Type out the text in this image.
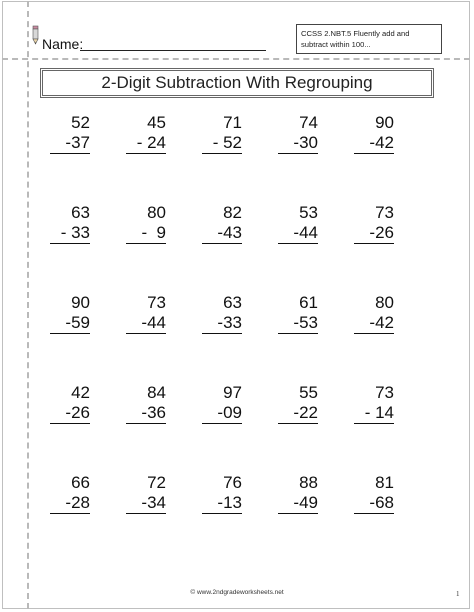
Name:
CCSS 2.NBT.5 Fluently add and
subtract within 100...
2-Digit Subtraction With Regrouping
52
-37
45
- 24
71
- 52
74
-30
90
-42
63
- 33
80
-  9
82
-43
53
-44
73
-26
90
-59
73
-44
63
-33
61
-53
80
-42
42
-26
84
-36
97
-09
55
-22
73
- 14
66
-28
72
-34
76
-13
88
-49
81
-68
© www.2ndgradeworksheets.net	1
